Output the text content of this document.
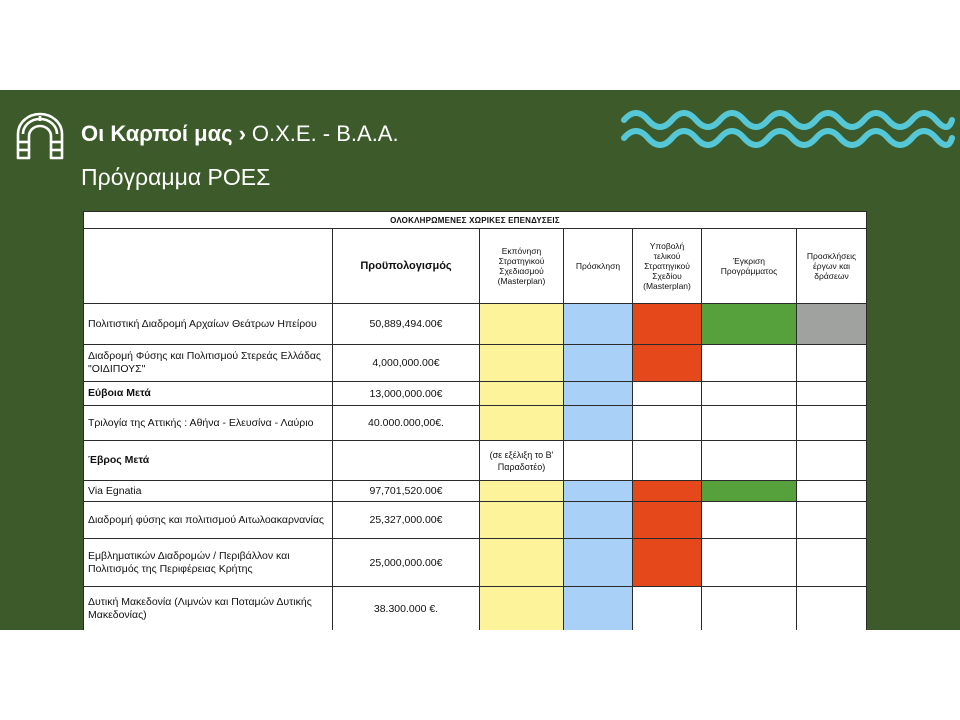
Οι Καρποί μας › Ο.Χ.Ε. - Β.Α.Α.
Πρόγραμμα ΡΟΕΣ
ΟΛΟΚΛΗΡΩΜΕΝΕΣ ΧΩΡΙΚΕΣ ΕΠΕΝΔΥΣΕΙΣ						
	Προϋπολογισμός	Εκπόνηση Στρατηγικού Σχεδιασμού (Masterplan)	Πρόσκληση	Υποβολή τελικού Στρατηγικού Σχεδίου (Masterplan)	Έγκριση Προγράμματος	Προσκλήσεις έργων και δράσεων
Πολιτιστική Διαδρομή Αρχαίων Θεάτρων Ηπείρου	50,889,494.00€					
Διαδρομή Φύσης και Πολιτισμού Στερεάς Ελλάδας "ΟΙΔΙΠΟΥΣ"	4,000,000.00€					
Εύβοια Μετά	13,000,000.00€					
Τριλογία της Αττικής : Αθήνα - Ελευσίνα - Λαύριο	40.000.000,00€.					
Έβρος Μετά		(σε εξέλιξη το Β' Παραδοτέο)				
Via Egnatia	97,701,520.00€					
Διαδρομή φύσης και πολιτισμού Αιτωλοακαρνανίας	25,327,000.00€					
Εμβληματικών Διαδρομών / Περιβάλλον και Πολιτισμός της Περιφέρειας Κρήτης	25,000,000.00€					
Δυτική Μακεδονία (Λιμνών και Ποταμών Δυτικής Μακεδονίας)	38.300.000 €.					
